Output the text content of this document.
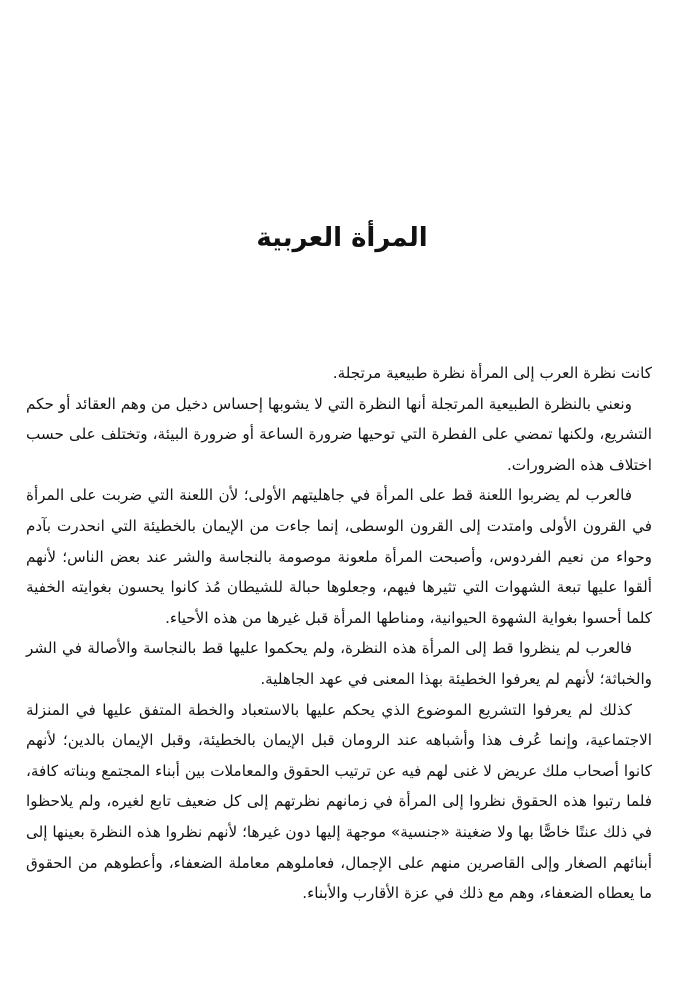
المرأة العربية

كانت نظرة العرب إلى المرأة نظرة طبيعية مرتجلة.

ونعني بالنظرة الطبيعية المرتجلة أنها النظرة التي لا يشوبها إحساس دخيل من وهم العقائد أو حكم التشريع، ولكنها تمضي على الفطرة التي توحيها ضرورة الساعة أو ضرورة البيئة، وتختلف على حسب اختلاف هذه الضرورات.

فالعرب لم يضربوا اللعنة قط على المرأة في جاهليتهم الأولى؛ لأن اللعنة التي ضربت على المرأة في القرون الأولى وامتدت إلى القرون الوسطى، إنما جاءت من الإيمان بالخطيئة التي انحدرت بآدم وحواء من نعيم الفردوس، وأصبحت المرأة ملعونة موصومة بالنجاسة والشر عند بعض الناس؛ لأنهم ألقوا عليها تبعة الشهوات التي تثيرها فيهم، وجعلوها حبالة للشيطان مُذ كانوا يحسون بغوايته الخفية كلما أحسوا بغواية الشهوة الحيوانية، ومناطها المرأة قبل غيرها من هذه الأحياء.

فالعرب لم ينظروا قط إلى المرأة هذه النظرة، ولم يحكموا عليها قط بالنجاسة والأصالة في الشر والخباثة؛ لأنهم لم يعرفوا الخطيئة بهذا المعنى في عهد الجاهلية.

كذلك لم يعرفوا التشريع الموضوع الذي يحكم عليها بالاستعباد والخطة المتفق عليها في المنزلة الاجتماعية، وإنما عُرف هذا وأشباهه عند الرومان قبل الإيمان بالخطيئة، وقبل الإيمان بالدين؛ لأنهم كانوا أصحاب ملك عريض لا غنى لهم فيه عن ترتيب الحقوق والمعاملات بين أبناء المجتمع وبناته كافة، فلما رتبوا هذه الحقوق نظروا إلى المرأة في زمانهم نظرتهم إلى كل ضعيف تابع لغيره، ولم يلاحظوا في ذلك عنتًا خاصًّا بها ولا ضغينة «جنسية» موجهة إليها دون غيرها؛ لأنهم نظروا هذه النظرة بعينها إلى أبنائهم الصغار وإلى القاصرين منهم على الإجمال، فعاملوهم معاملة الضعفاء، وأعطوهم من الحقوق ما يعطاه الضعفاء، وهم مع ذلك في عزة الأقارب والأبناء.
